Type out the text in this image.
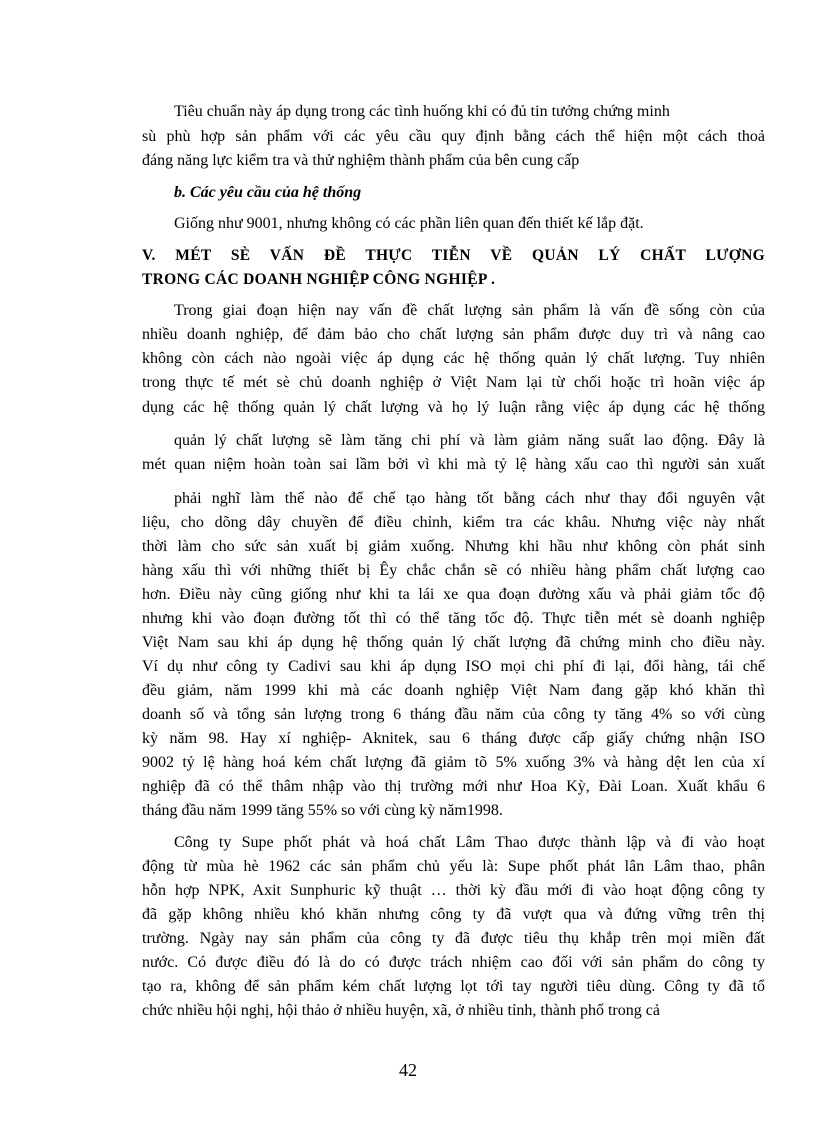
Tiêu chuẩn này áp dụng trong các tình huống khi có đủ tin tưởng chứng minh
sù phù hợp sản phẩm với các yêu cầu quy định bằng cách thể hiện một cách thoả
đáng năng lực kiểm tra và thử nghiệm thành phẩm của bên cung cấp
b. Các yêu cầu của hệ thống
Giống như 9001, nhưng không có các phần liên quan đến thiết kế lắp đặt.
V. MÉT SÈ VẤN ĐỀ THỰC TIỄN VỀ QUẢN LÝ CHẤT LƯỢNG
TRONG CÁC DOANH NGHIỆP CÔNG NGHIỆP .
Trong giai đoạn hiện nay vấn đề chất lượng sản phẩm là vấn đề sống còn của
nhiều doanh nghiệp, để đảm bảo cho chất lượng sản phẩm được duy trì và nâng cao
không còn cách nào ngoài việc áp dụng các hệ thống quản lý chất lượng. Tuy nhiên
trong thực tế mét sè chủ doanh nghiệp ở Việt Nam lại từ chối hoặc trì hoãn việc áp
dụng các hệ thống quản lý chất lượng và họ lý luận rằng việc áp dụng các hệ thống
quản lý chất lượng sẽ làm tăng chi phí và làm giảm năng suất lao động. Đây là
mét quan niệm hoàn toàn sai lầm bởi vì khi mà tỷ lệ hàng xấu cao thì người sản xuất
phải nghĩ làm thế nào để chế tạo hàng tốt bằng cách như thay đổi nguyên vật
liệu, cho dõng dây chuyền để điều chỉnh, kiểm tra các khâu. Nhưng việc này nhất
thời làm cho sức sản xuất bị giảm xuống. Nhưng khi hầu như không còn phát sinh
hàng xấu thì với những thiết bị Êy chắc chắn sẽ có nhiều hàng phẩm chất lượng cao
hơn. Điều này cũng giống như khi ta lái xe qua đoạn đường xấu và phải giảm tốc độ
nhưng khi vào đoạn đường tốt thì có thể tăng tốc độ. Thực tiễn mét sè doanh nghiệp
Việt Nam sau khi áp dụng hệ thống quản lý chất lượng đã chứng minh cho điều này.
Ví dụ như công ty Cadivi sau khi áp dụng ISO mọi chi phí đi lại, đổi hàng, tái chế
đều giảm, năm 1999 khi mà các doanh nghiệp Việt Nam đang gặp khó khăn thì
doanh số và tổng sản lượng trong 6 tháng đầu năm của công ty tăng 4% so với cùng
kỳ năm 98. Hay xí nghiệp- Aknitek, sau 6 tháng được cấp giấy chứng nhận ISO
9002 tỷ lệ hàng hoá kém chất lượng đã giảm tõ 5% xuống 3% và hàng dệt len của xí
nghiệp đã có thể thâm nhập vào thị trường mới như Hoa Kỳ, Đài Loan. Xuất khẩu 6
tháng đầu năm 1999 tăng 55% so với cùng kỳ năm1998.
Công ty Supe phốt phát và hoá chất Lâm Thao được thành lập và đi vào hoạt
động từ mùa hè 1962 các sản phẩm chủ yếu là: Supe phốt phát lân Lâm thao, phân
hỗn hợp NPK, Axit Sunphuric kỹ thuật … thời kỳ đầu mới đi vào hoạt động công ty
đã gặp không nhiều khó khăn nhưng công ty đã vượt qua và đứng vững trên thị
trường. Ngày nay sản phẩm của công ty đã được tiêu thụ khắp trên mọi miền đất
nước. Có được điều đó là do có được trách nhiệm cao đối với sản phẩm do công ty
tạo ra, không để sản phẩm kém chất lượng lọt tới tay người tiêu dùng. Công ty đã tổ
chức nhiều hội nghị, hội thảo ở nhiều huyện, xã, ở nhiều tỉnh, thành phố trong cả
42
